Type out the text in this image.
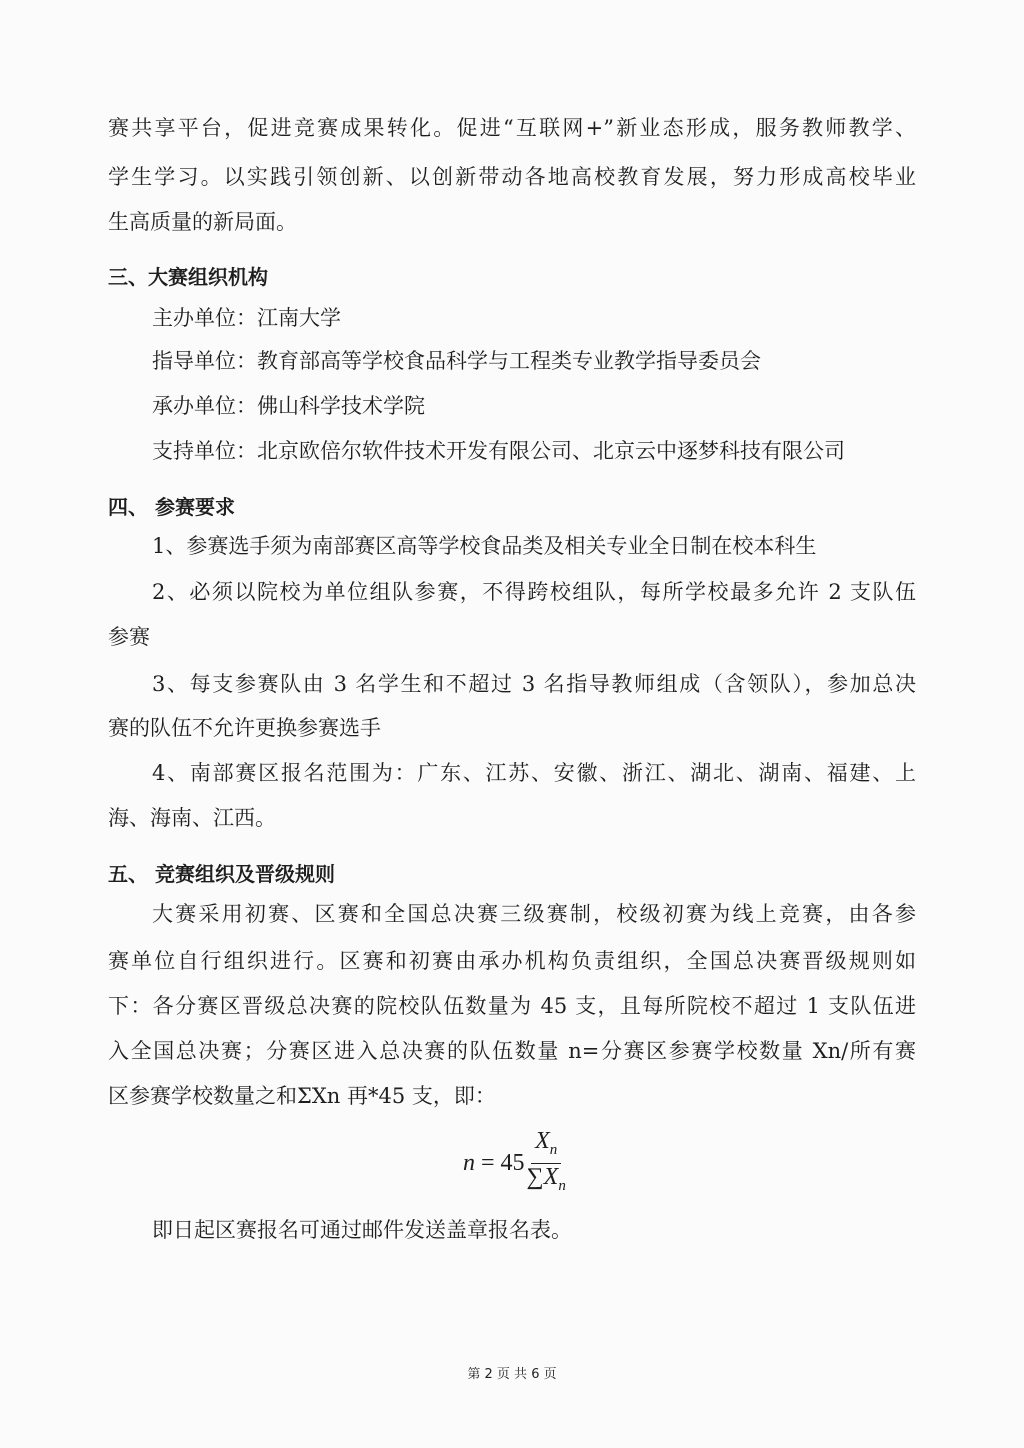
赛共享平台，促进竞赛成果转化。促进“互联网+”新业态形成，服务教师教学、
学生学习。以实践引领创新、以创新带动各地高校教育发展，努力形成高校毕业
生高质量的新局面。
三、大赛组织机构
主办单位：江南大学
指导单位：教育部高等学校食品科学与工程类专业教学指导委员会
承办单位：佛山科学技术学院
支持单位：北京欧倍尔软件技术开发有限公司、北京云中逐梦科技有限公司
四、 参赛要求
1、参赛选手须为南部赛区高等学校食品类及相关专业全日制在校本科生
2、必须以院校为单位组队参赛，不得跨校组队，每所学校最多允许 2 支队伍
参赛
3、每支参赛队由 3 名学生和不超过 3 名指导教师组成（含领队），参加总决
赛的队伍不允许更换参赛选手
4、南部赛区报名范围为：广东、江苏、安徽、浙江、湖北、湖南、福建、上
海、海南、江西。
五、 竞赛组织及晋级规则
大赛采用初赛、区赛和全国总决赛三级赛制，校级初赛为线上竞赛，由各参
赛单位自行组织进行。区赛和初赛由承办机构负责组织，全国总决赛晋级规则如
下：各分赛区晋级总决赛的院校队伍数量为 45 支，且每所院校不超过 1 支队伍进
入全国总决赛；分赛区进入总决赛的队伍数量 n=分赛区参赛学校数量 Xn/所有赛
区参赛学校数量之和ΣXn 再*45 支，即：
$n = 45 \frac{X_n}{\sum X_n}$
即日起区赛报名可通过邮件发送盖章报名表。
第 2 页 共 6 页
